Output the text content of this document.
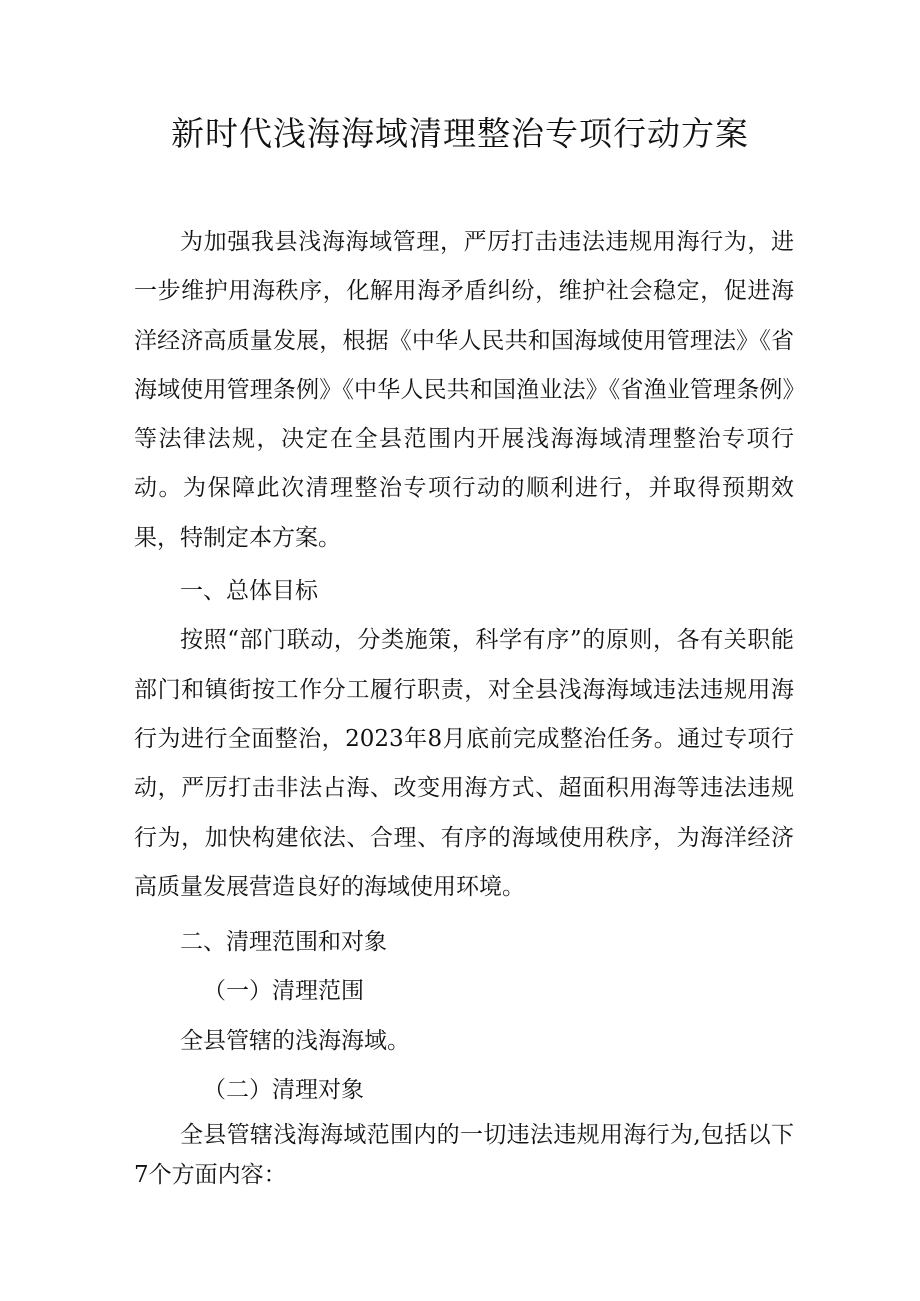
新时代浅海海域清理整治专项行动方案

为加强我县浅海海域管理，严厉打击违法违规用海行为，进一步维护用海秩序，化解用海矛盾纠纷，维护社会稳定，促进海洋经济高质量发展，根据《中华人民共和国海域使用管理法》《省海域使用管理条例》《中华人民共和国渔业法》《省渔业管理条例》等法律法规，决定在全县范围内开展浅海海域清理整治专项行动。为保障此次清理整治专项行动的顺利进行，并取得预期效果，特制定本方案。

一、总体目标

按照“部门联动，分类施策，科学有序”的原则，各有关职能部门和镇街按工作分工履行职责，对全县浅海海域违法违规用海行为进行全面整治，2023年8月底前完成整治任务。通过专项行动，严厉打击非法占海、改变用海方式、超面积用海等违法违规行为，加快构建依法、合理、有序的海域使用秩序，为海洋经济高质量发展营造良好的海域使用环境。

二、清理范围和对象

（一）清理范围

全县管辖的浅海海域。

（二）清理对象

全县管辖浅海海域范围内的一切违法违规用海行为,包括以下7个方面内容：
